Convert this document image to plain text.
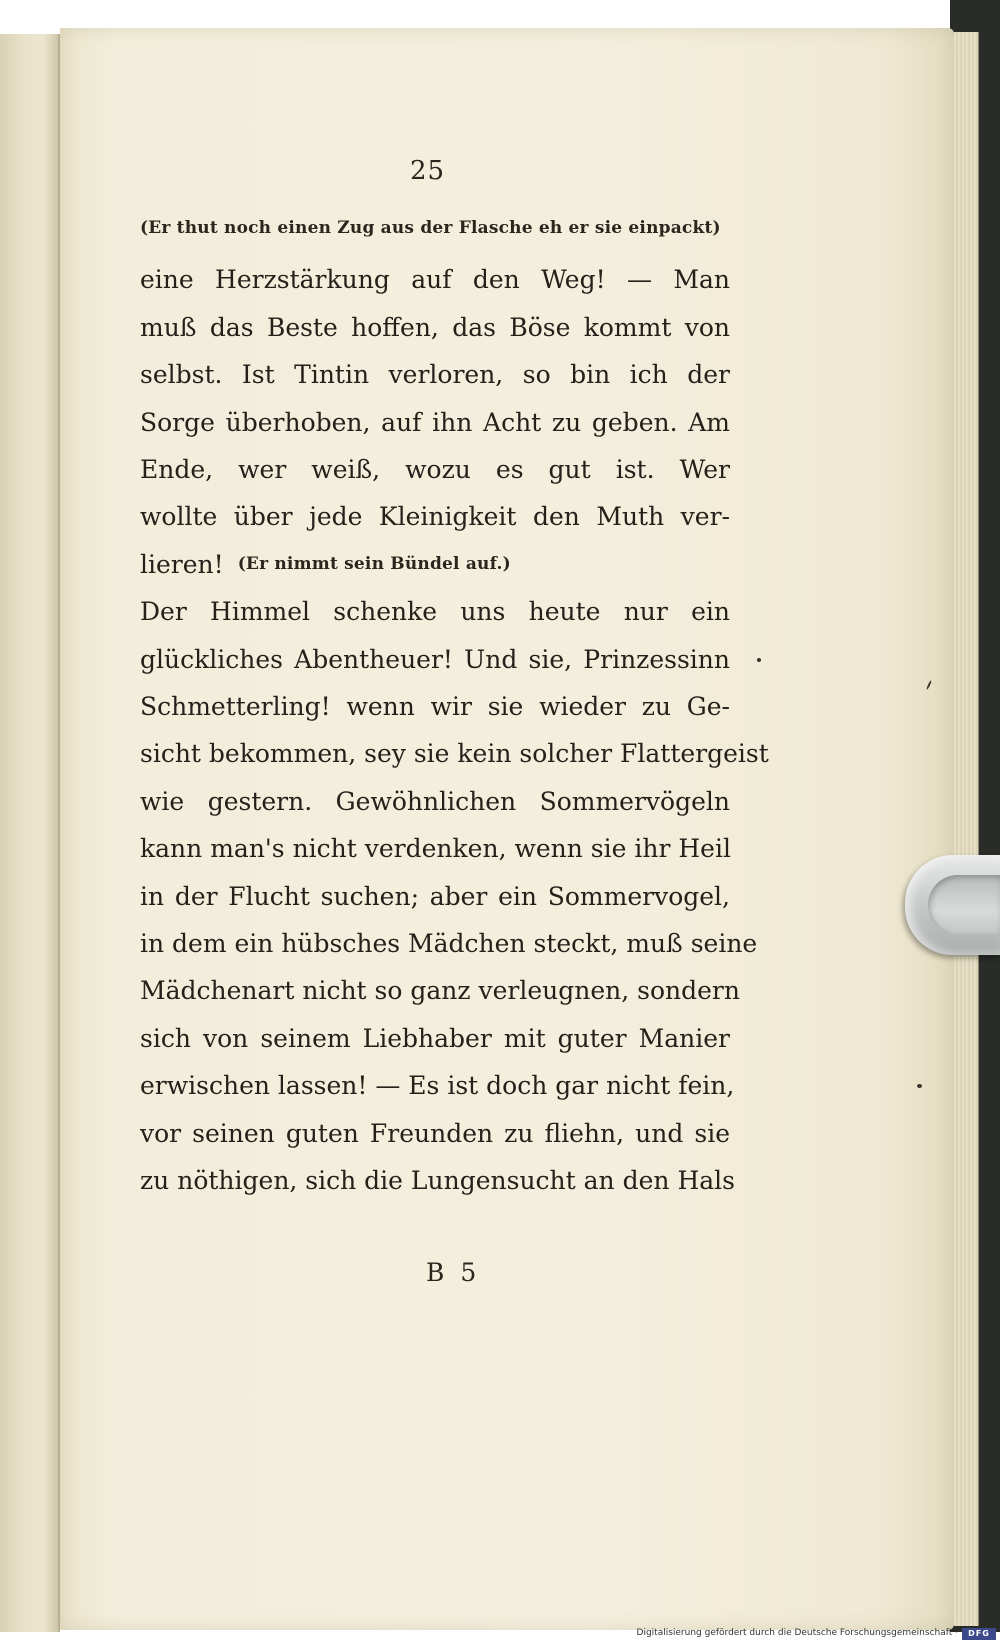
25
(Er thut noch einen Zug aus der Flasche eh er sie einpackt)
eine Herzstärkung auf den Weg! — Man
muß das Beste hoffen, das Böse kommt von
selbst. Ist Tintin verloren, so bin ich der
Sorge überhoben, auf ihn Acht zu geben. Am
Ende, wer weiß, wozu es gut ist. Wer
wollte über jede Kleinigkeit den Muth ver-
lieren! (Er nimmt sein Bündel auf.)
Der Himmel schenke uns heute nur ein
glückliches Abentheuer! Und sie, Prinzessinn
Schmetterling! wenn wir sie wieder zu Ge-
sicht bekommen, sey sie kein solcher Flattergeist
wie gestern. Gewöhnlichen Sommervögeln
kann man's nicht verdenken, wenn sie ihr Heil
in der Flucht suchen; aber ein Sommervogel,
in dem ein hübsches Mädchen steckt, muß seine
Mädchenart nicht so ganz verleugnen, sondern
sich von seinem Liebhaber mit guter Manier
erwischen lassen! — Es ist doch gar nicht fein,
vor seinen guten Freunden zu fliehn, und sie
zu nöthigen, sich die Lungensucht an den Hals
B 5
Digitalisierung gefördert durch die Deutsche Forschungsgemeinschaft ·	DFG
